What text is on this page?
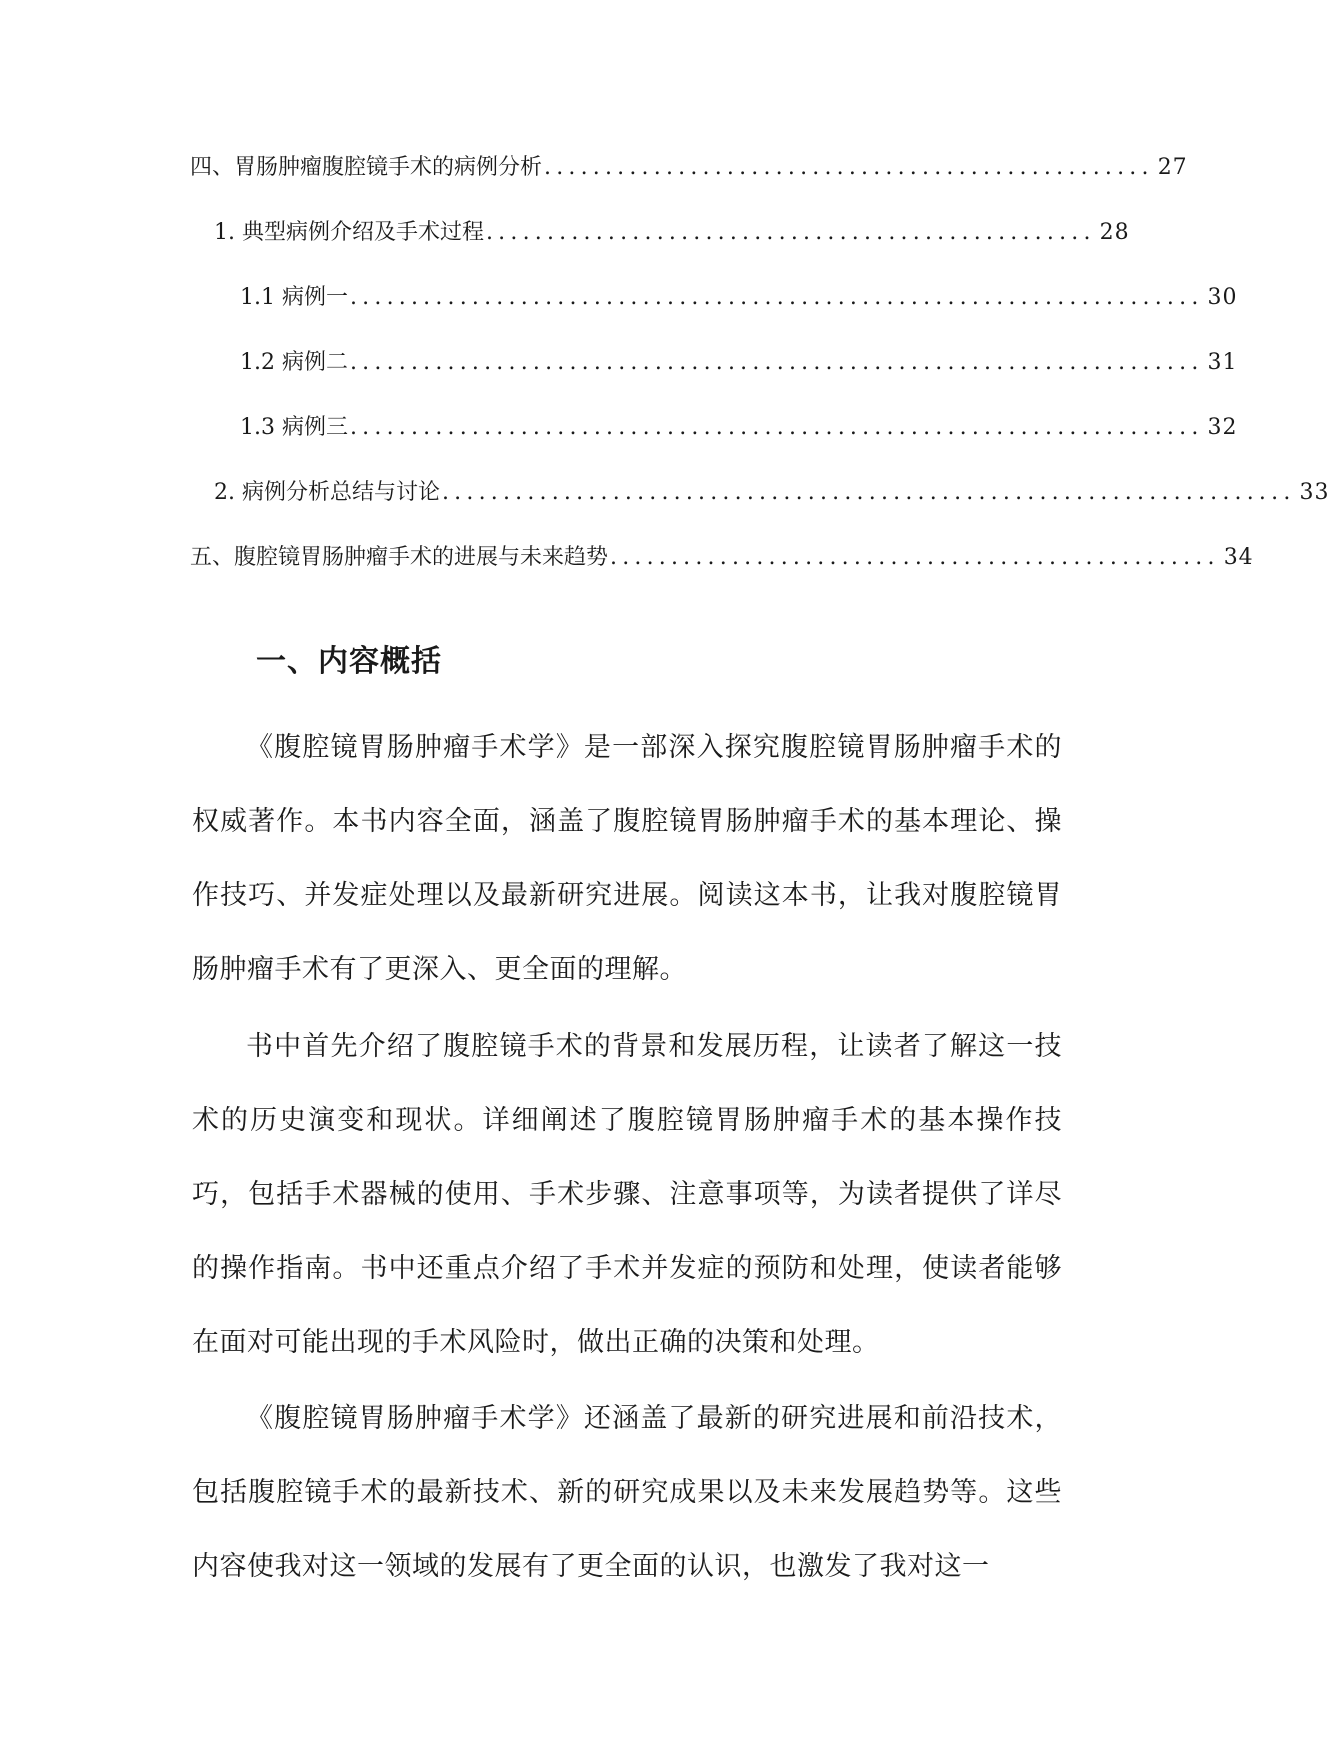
四、胃肠肿瘤腹腔镜手术的病例分析 .................................................. 27
1. 典型病例介绍及手术过程 .................................................. 28
1.1 病例一 ...................................................................... 30
1.2 病例二 ...................................................................... 31
1.3 病例三 ...................................................................... 32
2. 病例分析总结与讨论 ...................................................................... 33
五、腹腔镜胃肠肿瘤手术的进展与未来趋势 .................................................. 34
一、内容概括

《腹腔镜胃肠肿瘤手术学》是一部深入探究腹腔镜胃肠肿瘤手术的权威著作。本书内容全面，涵盖了腹腔镜胃肠肿瘤手术的基本理论、操作技巧、并发症处理以及最新研究进展。阅读这本书，让我对腹腔镜胃肠肿瘤手术有了更深入、更全面的理解。

书中首先介绍了腹腔镜手术的背景和发展历程，让读者了解这一技术的历史演变和现状。详细阐述了腹腔镜胃肠肿瘤手术的基本操作技巧，包括手术器械的使用、手术步骤、注意事项等，为读者提供了详尽的操作指南。书中还重点介绍了手术并发症的预防和处理，使读者能够在面对可能出现的手术风险时，做出正确的决策和处理。

《腹腔镜胃肠肿瘤手术学》还涵盖了最新的研究进展和前沿技术，包括腹腔镜手术的最新技术、新的研究成果以及未来发展趋势等。这些内容使我对这一领域的发展有了更全面的认识，也激发了我对这一
